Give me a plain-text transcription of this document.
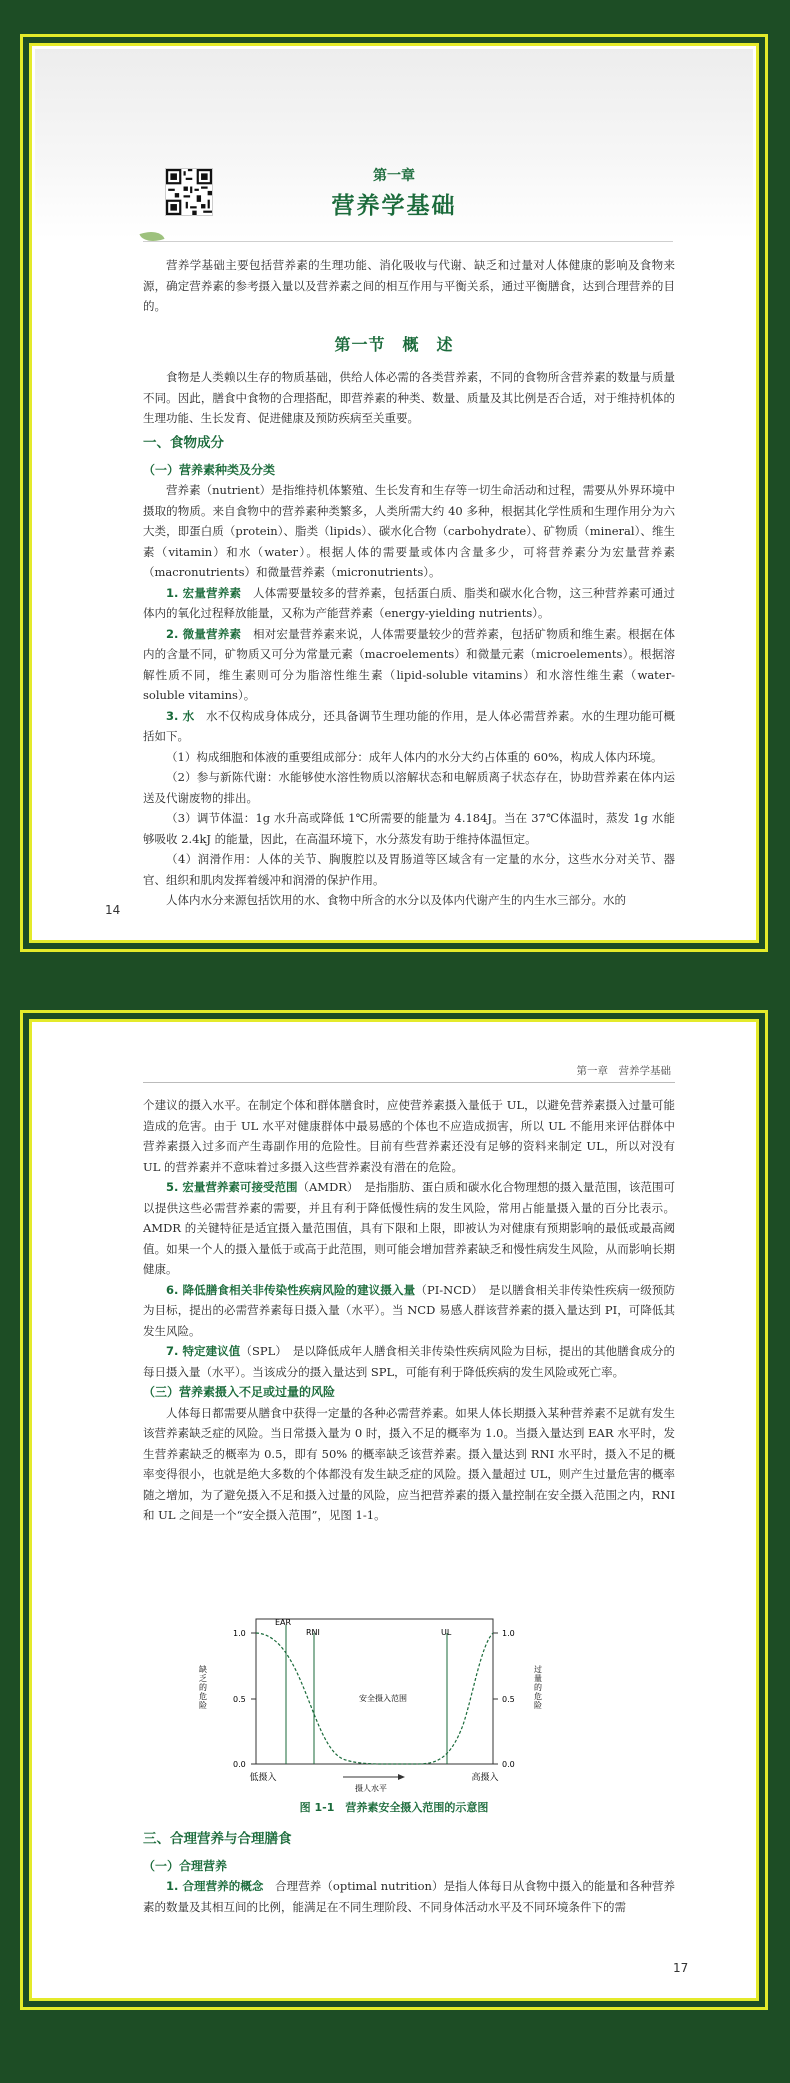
第一章
营养学基础

营养学基础主要包括营养素的生理功能、消化吸收与代谢、缺乏和过量对人体健康的影响及食物来源，确定营养素的参考摄入量以及营养素之间的相互作用与平衡关系，通过平衡膳食，达到合理营养的目的。

第一节　概　述

食物是人类赖以生存的物质基础，供给人体必需的各类营养素，不同的食物所含营养素的数量与质量不同。因此，膳食中食物的合理搭配，即营养素的种类、数量、质量及其比例是否合适，对于维持机体的生理功能、生长发育、促进健康及预防疾病至关重要。

一、食物成分
（一）营养素种类及分类

营养素（nutrient）是指维持机体繁殖、生长发育和生存等一切生命活动和过程，需要从外界环境中摄取的物质。来自食物中的营养素种类繁多，人类所需大约 40 多种，根据其化学性质和生理作用分为六大类，即蛋白质（protein）、脂类（lipids）、碳水化合物（carbohydrate）、矿物质（mineral）、维生素（vitamin）和水（water）。根据人体的需要量或体内含量多少，可将营养素分为宏量营养素（macronutrients）和微量营养素（micronutrients）。

1. 宏量营养素　人体需要量较多的营养素，包括蛋白质、脂类和碳水化合物，这三种营养素可通过体内的氧化过程释放能量，又称为产能营养素（energy-yielding nutrients）。

2. 微量营养素　相对宏量营养素来说，人体需要量较少的营养素，包括矿物质和维生素。根据在体内的含量不同，矿物质又可分为常量元素（macroelements）和微量元素（microelements）。根据溶解性质不同，维生素则可分为脂溶性维生素（lipid-soluble vitamins）和水溶性维生素（water-soluble vitamins）。

3. 水　水不仅构成身体成分，还具备调节生理功能的作用，是人体必需营养素。水的生理功能可概括如下。

（1）构成细胞和体液的重要组成部分：成年人体内的水分大约占体重的 60%，构成人体内环境。

（2）参与新陈代谢：水能够使水溶性物质以溶解状态和电解质离子状态存在，协助营养素在体内运送及代谢废物的排出。

（3）调节体温：1g 水升高或降低 1℃所需要的能量为 4.184J。当在 37℃体温时，蒸发 1g 水能够吸收 2.4kJ 的能量，因此，在高温环境下，水分蒸发有助于维持体温恒定。

（4）润滑作用：人体的关节、胸腹腔以及胃肠道等区域含有一定量的水分，这些水分对关节、器官、组织和肌肉发挥着缓冲和润滑的保护作用。

人体内水分来源包括饮用的水、食物中所含的水分以及体内代谢产生的内生水三部分。水的

14
第一章　营养学基础

个建议的摄入水平。在制定个体和群体膳食时，应使营养素摄入量低于 UL，以避免营养素摄入过量可能造成的危害。由于 UL 水平对健康群体中最易感的个体也不应造成损害，所以 UL 不能用来评估群体中营养素摄入过多而产生毒副作用的危险性。目前有些营养素还没有足够的资料来制定 UL，所以对没有 UL 的营养素并不意味着过多摄入这些营养素没有潜在的危险。

5. 宏量营养素可接受范围（AMDR）　是指脂肪、蛋白质和碳水化合物理想的摄入量范围，该范围可以提供这些必需营养素的需要，并且有利于降低慢性病的发生风险，常用占能量摄入量的百分比表示。AMDR 的关键特征是适宜摄入量范围值，具有下限和上限，即被认为对健康有预期影响的最低或最高阈值。如果一个人的摄入量低于或高于此范围，则可能会增加营养素缺乏和慢性病发生风险，从而影响长期健康。

6. 降低膳食相关非传染性疾病风险的建议摄入量（PI-NCD）　是以膳食相关非传染性疾病一级预防为目标，提出的必需营养素每日摄入量（水平）。当 NCD 易感人群该营养素的摄入量达到 PI，可降低其发生风险。

7. 特定建议值（SPL）　是以降低成年人膳食相关非传染性疾病风险为目标，提出的其他膳食成分的每日摄入量（水平）。当该成分的摄入量达到 SPL，可能有利于降低疾病的发生风险或死亡率。

（三）营养素摄入不足或过量的风险

人体每日都需要从膳食中获得一定量的各种必需营养素。如果人体长期摄入某种营养素不足就有发生该营养素缺乏症的风险。当日常摄入量为 0 时，摄入不足的概率为 1.0。当摄入量达到 EAR 水平时，发生营养素缺乏的概率为 0.5，即有 50% 的概率缺乏该营养素。摄入量达到 RNI 水平时，摄入不足的概率变得很小，也就是绝大多数的个体都没有发生缺乏症的风险。摄入量超过 UL，则产生过量危害的概率随之增加，为了避免摄入不足和摄入过量的风险，应当把营养素的摄入量控制在安全摄入范围之内，RNI 和 UL 之间是一个“安全摄入范围”，见图 1-1。

1.0
0.5
0.0
1.0
0.5
0.0
缺乏的危险	过量的危险
EAR
RNI	UL
安全摄入范围
低摄入	高摄入
摄人水平
图 1-1　营养素安全摄入范围的示意图
三、合理营养与合理膳食
（一）合理营养

1. 合理营养的概念　合理营养（optimal nutrition）是指人体每日从食物中摄入的能量和各种营养素的数量及其相互间的比例，能满足在不同生理阶段、不同身体活动水平及不同环境条件下的需

17
